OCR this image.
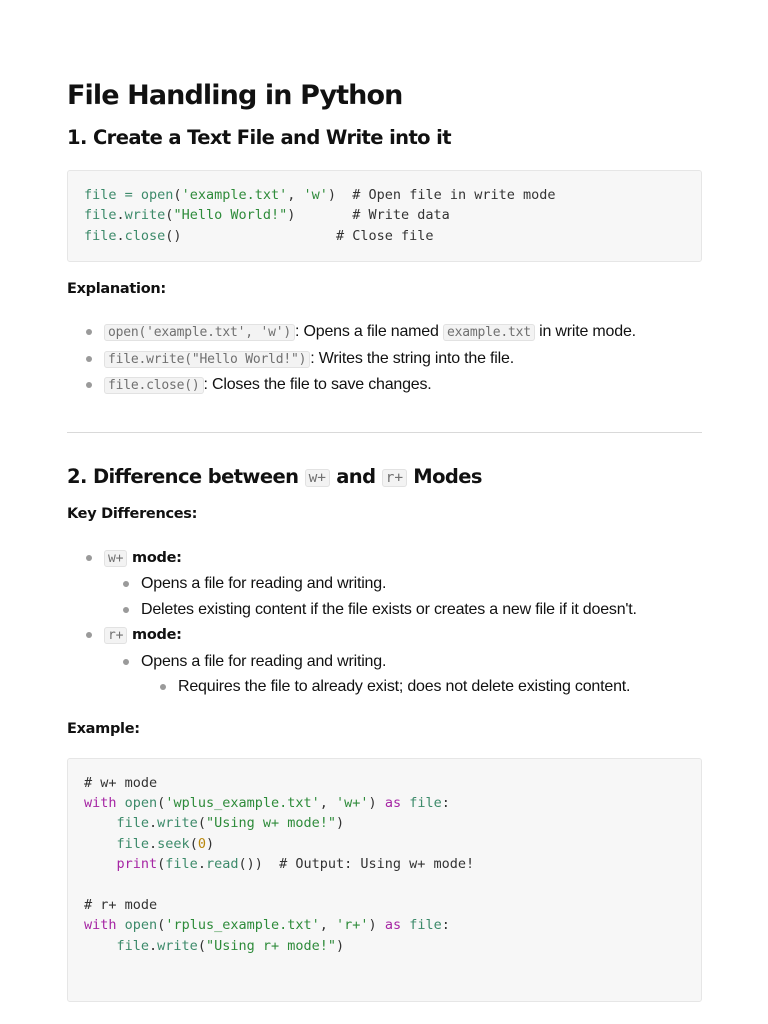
File Handling in Python
1. Create a Text File and Write into it
file = open('example.txt', 'w') # Open file in write mode
file.write("Hello World!")	# Write data
file.close()	# Close file
Explanation:
open('example.txt', 'w') : Opens a file named example.txt in write mode.
file.write("Hello World!") : Writes the string into the file.
file.close() : Closes the file to save changes.
2. Difference between w+ and r+ Modes
Key Differences:
w+ mode:
Opens a file for reading and writing.
Deletes existing content if the file exists or creates a new file if it doesn't.
r+ mode:
Opens a file for reading and writing.
Requires the file to already exist; does not delete existing content.
Example:
# w+ mode
with open('wplus_example.txt', 'w+') as file:
file.write("Using w+ mode!")
file.seek(0)
print(file.read()) # Output: Using w+ mode!

# r+ mode
with open('rplus_example.txt', 'r+') as file:
file.write("Using r+ mode!")
